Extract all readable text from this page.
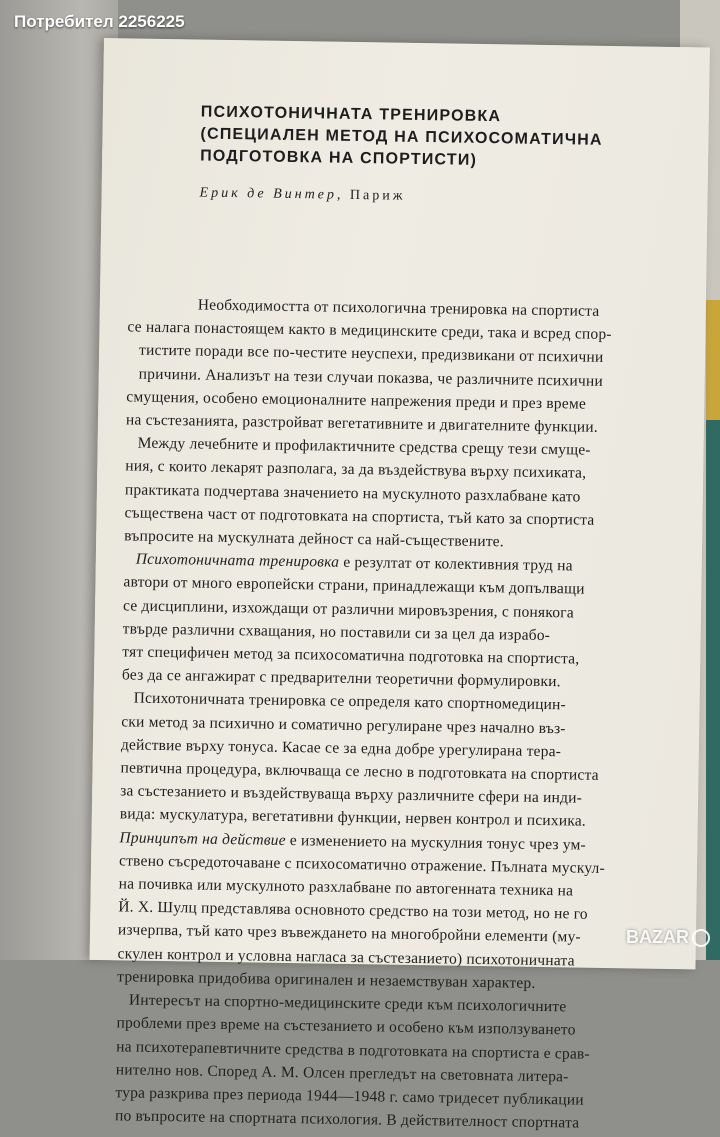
Потребител 2256225
ПСИХОТОНИЧНАТА ТРЕНИРОВКА
(СПЕЦИАЛЕН МЕТОД НА ПСИХОСОМАТИЧНА
ПОДГОТОВКА НА СПОРТИСТИ)
Ерик де Винтер, Париж
Необходимостта от психологична тренировка на спортиста
се налага понастоящем както в медицинските среди, така и всред спор-
тистите поради все по-честите неуспехи, предизвикани от психични
причини. Анализът на тези случаи показва, че различните психични
смущения, особено емоционалните напрежения преди и през време
на състезанията, разстройват вегетативните и двигателните функции.
Между лечебните и профилактичните средства срещу тези смуще-
ния, с които лекарят разполага, за да въздействува върху психиката,
практиката подчертава значението на мускулното разхлабване като
съществена част от подготовката на спортиста, тъй като за спортиста
въпросите на мускулната дейност са най-съществените.
Психотоничната тренировка е резултат от колективния труд на
автори от много европейски страни, принадлежащи към допълващи
се дисциплини, изхождащи от различни мировъзрения, с понякога
твърде различни схващания, но поставили си за цел да израбо-
тят специфичен метод за психосоматична подготовка на спортиста,
без да се ангажират с предварителни теоретични формулировки.
Психотоничната тренировка се определя като спортномедицин-
ски метод за психично и соматично регулиране чрез начално въз-
действие върху тонуса. Касае се за една добре урегулирана тера-
певтична процедура, включваща се лесно в подготовката на спортиста
за състезанието и въздействуваща върху различните сфери на инди-
вида: мускулатура, вегетативни функции, нервен контрол и психика.
Принципът на действие е изменението на мускулния тонус чрез ум-
ствено съсредоточаване с психосоматично отражение. Пълната мускул-
на почивка или мускулното разхлабване по автогенната техника на
Й. Х. Шулц представлява основното средство на този метод, но не го
изчерпва, тъй като чрез въвеждането на многобройни елементи (му-
скулен контрол и условна нагласа за състезанието) психотоничната
тренировка придобива оригинален и незаемствуван характер.
Интересът на спортно-медицинските среди към психологичните
проблеми през време на състезанието и особено към използуването
на психотерапевтичните средства в подготовката на спортиста е срав-
нително нов. Според А. М. Олсен прегледът на световната литера-
тура разкрива през периода 1944—1948 г. само тридесет публикации
по въпросите на спортната психология. В действителност спортната
BAZAR
